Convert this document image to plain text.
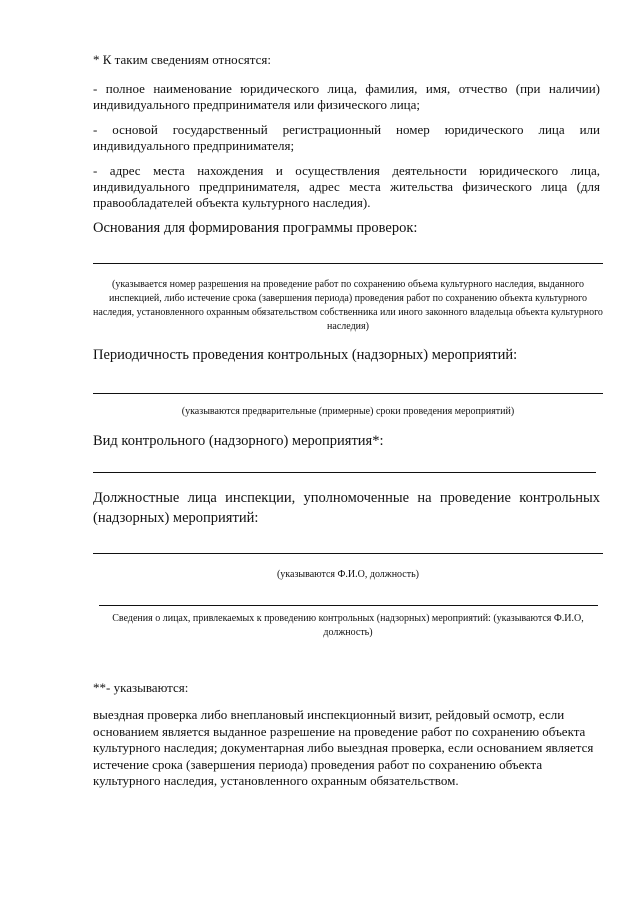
* К таким сведениям относятся:

- полное наименование юридического лица, фамилия, имя, отчество (при наличии) индивидуального предпринимателя или физического лица;

- основой государственный регистрационный номер юридического лица или индивидуального предпринимателя;

- адрес места нахождения и осуществления деятельности юридического лица, индивидуального предпринимателя, адрес места жительства физического лица (для правообладателей объекта культурного наследия).

Основания для формирования программы проверок:

(указывается номер разрешения на проведение работ по сохранению объема культурного наследия, выданного инспекцией, либо истечение срока (завершения периода) проведения работ по сохранению объекта культурного наследия, установленного охранным обязательством собственника или иного законного владельца объекта культурного наследия)

Периодичность проведения контрольных (надзорных) мероприятий:

(указываются предварительные (примерные) сроки проведения мероприятий)

Вид контрольного (надзорного) мероприятия*:

Должностные лица инспекции, уполномоченные на проведение контрольных (надзорных) мероприятий:

(указываются Ф.И.О, должность)

Сведения о лицах, привлекаемых к проведению контрольных (надзорных) мероприятий: (указываются Ф.И.О, должность)

**- указываются:

выездная проверка либо внеплановый инспекционный визит, рейдовый осмотр, если основанием является выданное разрешение на проведение работ по сохранению объекта культурного наследия; документарная либо выездная проверка, если основанием является истечение срока (завершения периода) проведения работ по сохранению объекта культурного наследия, установленного охранным обязательством.
